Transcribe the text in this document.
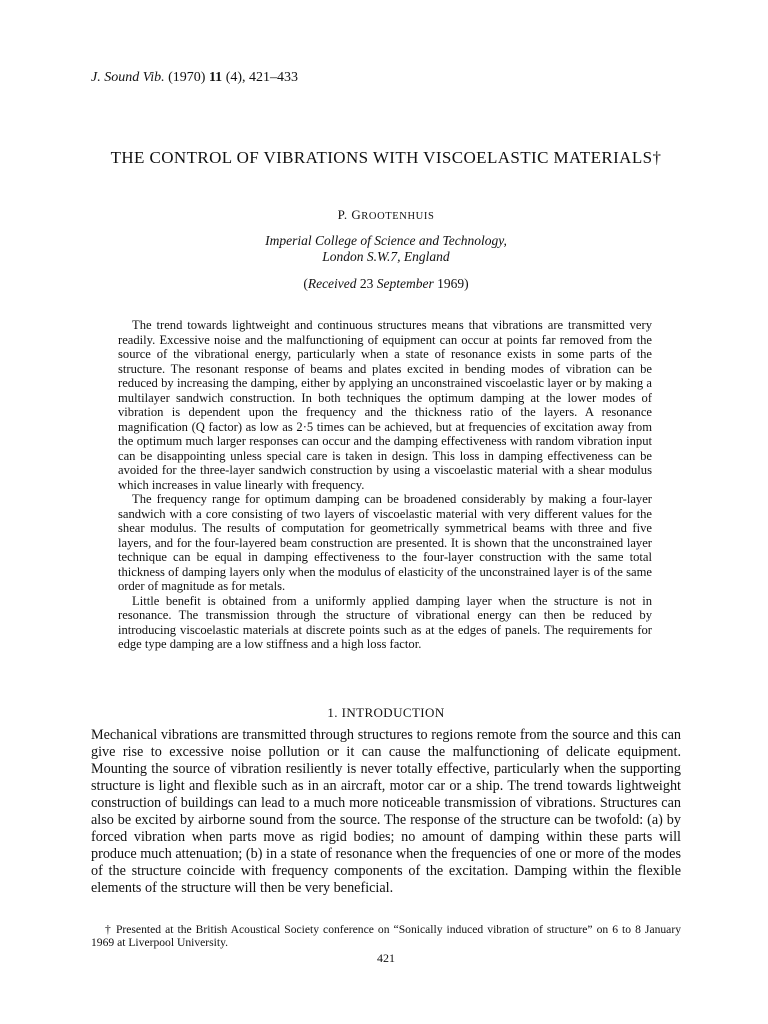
J. Sound Vib. (1970) 11 (4), 421–433
THE CONTROL OF VIBRATIONS WITH VISCOELASTIC MATERIALS†
P. GROOTENHUIS
Imperial College of Science and Technology,
London S.W.7, England
(Received 23 September 1969)

The trend towards lightweight and continuous structures means that vibrations are transmitted very readily. Excessive noise and the malfunctioning of equipment can occur at points far removed from the source of the vibrational energy, particularly when a state of resonance exists in some parts of the structure. The resonant response of beams and plates excited in bending modes of vibration can be reduced by increasing the damping, either by applying an unconstrained viscoelastic layer or by making a multilayer sandwich construction. In both techniques the optimum damping at the lower modes of vibration is dependent upon the frequency and the thickness ratio of the layers. A resonance magnification (Q factor) as low as 2·5 times can be achieved, but at frequencies of excitation away from the optimum much larger responses can occur and the damping effectiveness with random vibration input can be disappointing unless special care is taken in design. This loss in damping effectiveness can be avoided for the three-layer sandwich construction by using a viscoelastic material with a shear modulus which increases in value linearly with frequency.

The frequency range for optimum damping can be broadened considerably by making a four-layer sandwich with a core consisting of two layers of viscoelastic material with very different values for the shear modulus. The results of computation for geometrically symmetrical beams with three and five layers, and for the four-layered beam construction are presented. It is shown that the unconstrained layer technique can be equal in damping effectiveness to the four-layer construction with the same total thickness of damping layers only when the modulus of elasticity of the unconstrained layer is of the same order of magnitude as for metals.

Little benefit is obtained from a uniformly applied damping layer when the structure is not in resonance. The transmission through the structure of vibrational energy can then be reduced by introducing viscoelastic materials at discrete points such as at the edges of panels. The requirements for edge type damping are a low stiffness and a high loss factor.

1. INTRODUCTION

Mechanical vibrations are transmitted through structures to regions remote from the source and this can give rise to excessive noise pollution or it can cause the malfunctioning of delicate equipment. Mounting the source of vibration resiliently is never totally effective, particularly when the supporting structure is light and flexible such as in an aircraft, motor car or a ship. The trend towards lightweight construction of buildings can lead to a much more noticeable transmission of vibrations. Structures can also be excited by airborne sound from the source. The response of the structure can be twofold: (a) by forced vibration when parts move as rigid bodies; no amount of damping within these parts will produce much attenuation; (b) in a state of resonance when the frequencies of one or more of the modes of the structure coincide with frequency components of the excitation. Damping within the flexible elements of the structure will then be very beneficial.

† Presented at the British Acoustical Society conference on “Sonically induced vibration of structure” on 6 to 8 January 1969 at Liverpool University.

421
